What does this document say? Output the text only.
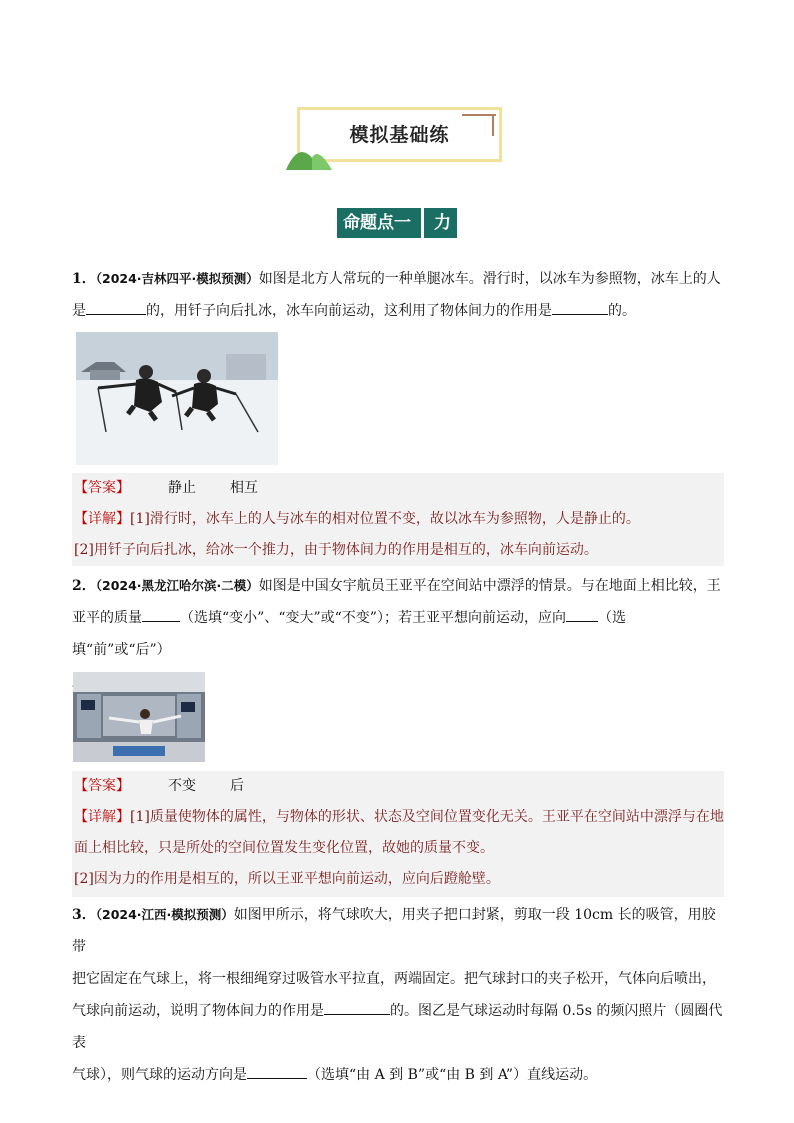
模拟基础练
命题点一 力

1．（2024·吉林四平·模拟预测）如图是北方人常玩的一种单腿冰车。滑行时，以冰车为参照物，冰车上的人
是	的，用钎子向后扎冰，冰车向前运动，这利用了物体间力的作用是	的。

【答案】	静止 相互
【详解】[1]滑行时，冰车上的人与冰车的相对位置不变，故以冰车为参照物，人是静止的。
[2]用钎子向后扎冰，给冰一个推力，由于物体间力的作用是相互的，冰车向前运动。

2．（2024·黑龙江哈尔滨·二模）如图是中国女宇航员王亚平在空间站中漂浮的情景。与在地面上相比较，王
亚平的质量	（选填“变小”、“变大”或“不变”）；若王亚平想向前运动，应向 （选填“前”或“后”）

【答案】	不变 后
【详解】[1]质量使物体的属性，与物体的形状、状态及空间位置变化无关。王亚平在空间站中漂浮与在地
面上相比较，只是所处的空间位置发生变化位置，故她的质量不变。
[2]因为力的作用是相互的，所以王亚平想向前运动，应向后蹬舱壁。

3．（2024·江西·模拟预测）如图甲所示，将气球吹大，用夹子把口封紧，剪取一段 10cm 长的吸管，用胶带
把它固定在气球上，将一根细绳穿过吸管水平拉直，两端固定。把气球封口的夹子松开，气体向后喷出，
气球向前运动，说明了物体间力的作用是	的。图乙是气球运动时每隔 0.5s 的频闪照片（圆圈代表
气球），则气球的运动方向是	（选填“由 A 到 B”或“由 B 到 A”）直线运动。
